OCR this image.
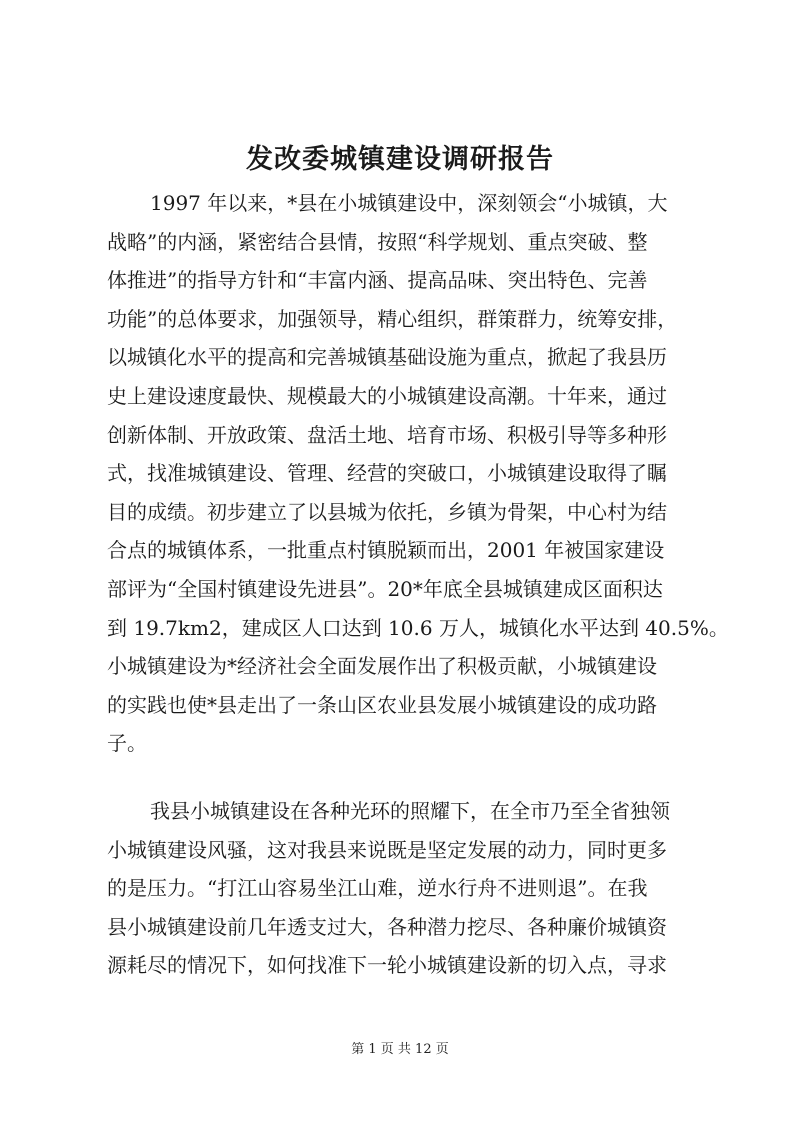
发改委城镇建设调研报告
1997 年以来，*县在小城镇建设中，深刻领会“小城镇，大
战略”的内涵，紧密结合县情，按照“科学规划、重点突破、整
体推进”的指导方针和“丰富内涵、提高品味、突出特色、完善
功能”的总体要求，加强领导，精心组织，群策群力，统筹安排，
以城镇化水平的提高和完善城镇基础设施为重点，掀起了我县历
史上建设速度最快、规模最大的小城镇建设高潮。十年来，通过
创新体制、开放政策、盘活土地、培育市场、积极引导等多种形
式，找准城镇建设、管理、经营的突破口，小城镇建设取得了瞩
目的成绩。初步建立了以县城为依托，乡镇为骨架，中心村为结
合点的城镇体系，一批重点村镇脱颖而出，2001 年被国家建设
部评为“全国村镇建设先进县”。20*年底全县城镇建成区面积达
到 19.7km2，建成区人口达到 10.6 万人，城镇化水平达到 40.5%。
小城镇建设为*经济社会全面发展作出了积极贡献，小城镇建设
的实践也使*县走出了一条山区农业县发展小城镇建设的成功路
子。
我县小城镇建设在各种光环的照耀下，在全市乃至全省独领
小城镇建设风骚，这对我县来说既是坚定发展的动力，同时更多
的是压力。“打江山容易坐江山难，逆水行舟不进则退”。在我
县小城镇建设前几年透支过大，各种潜力挖尽、各种廉价城镇资
源耗尽的情况下，如何找准下一轮小城镇建设新的切入点，寻求
第 1 页 共 12 页
